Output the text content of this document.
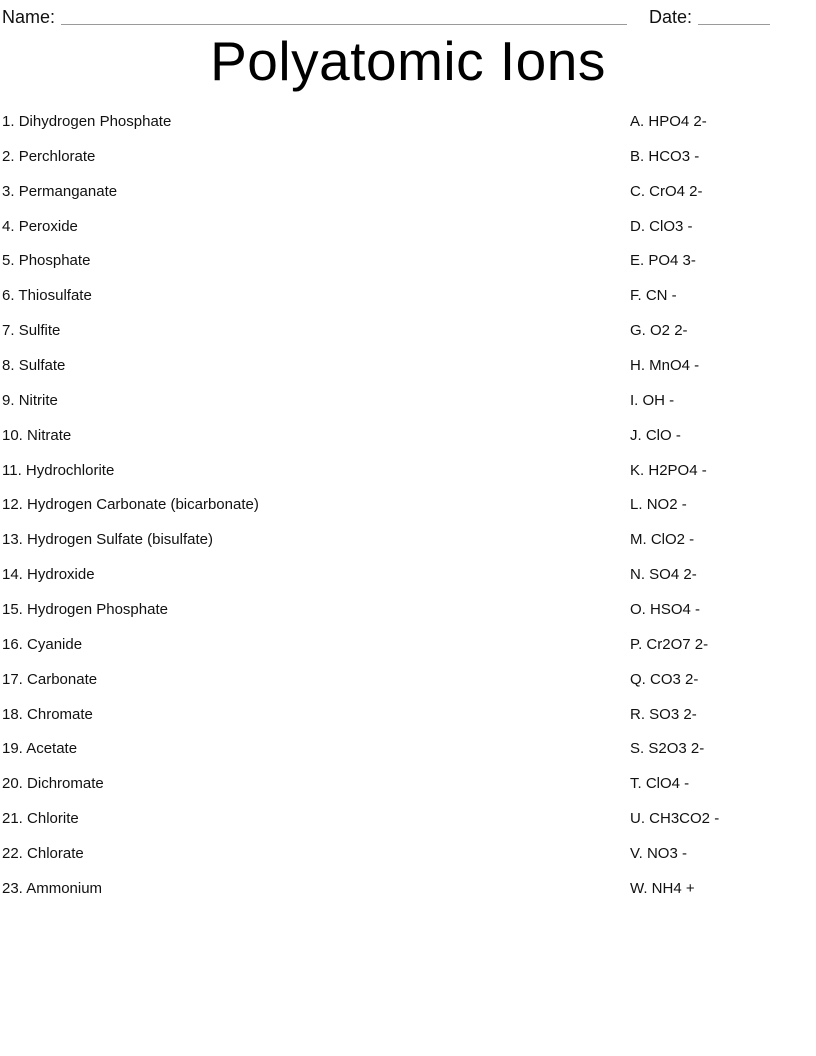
Name:	Date:
Polyatomic Ions
1. Dihydrogen Phosphate	A. HPO4 2-
2. Perchlorate	B. HCO3 -
3. Permanganate	C. CrO4 2-
4. Peroxide	D. ClO3 -
5. Phosphate	E. PO4 3-
6. Thiosulfate	F. CN -
7. Sulfite	G. O2 2-
8. Sulfate	H. MnO4 -
9. Nitrite	I. OH -
10. Nitrate	J. ClO -
11. Hydrochlorite	K. H2PO4 -
12. Hydrogen Carbonate (bicarbonate)	L. NO2 -
13. Hydrogen Sulfate (bisulfate)	M. ClO2 -
14. Hydroxide	N. SO4 2-
15. Hydrogen Phosphate	O. HSO4 -
16. Cyanide	P. Cr2O7 2-
17. Carbonate	Q. CO3 2-
18. Chromate	R. SO3 2-
19. Acetate	S. S2O3 2-
20. Dichromate	T. ClO4 -
21. Chlorite	U. CH3CO2 -
22. Chlorate	V. NO3 -
23. Ammonium	W. NH4 +
